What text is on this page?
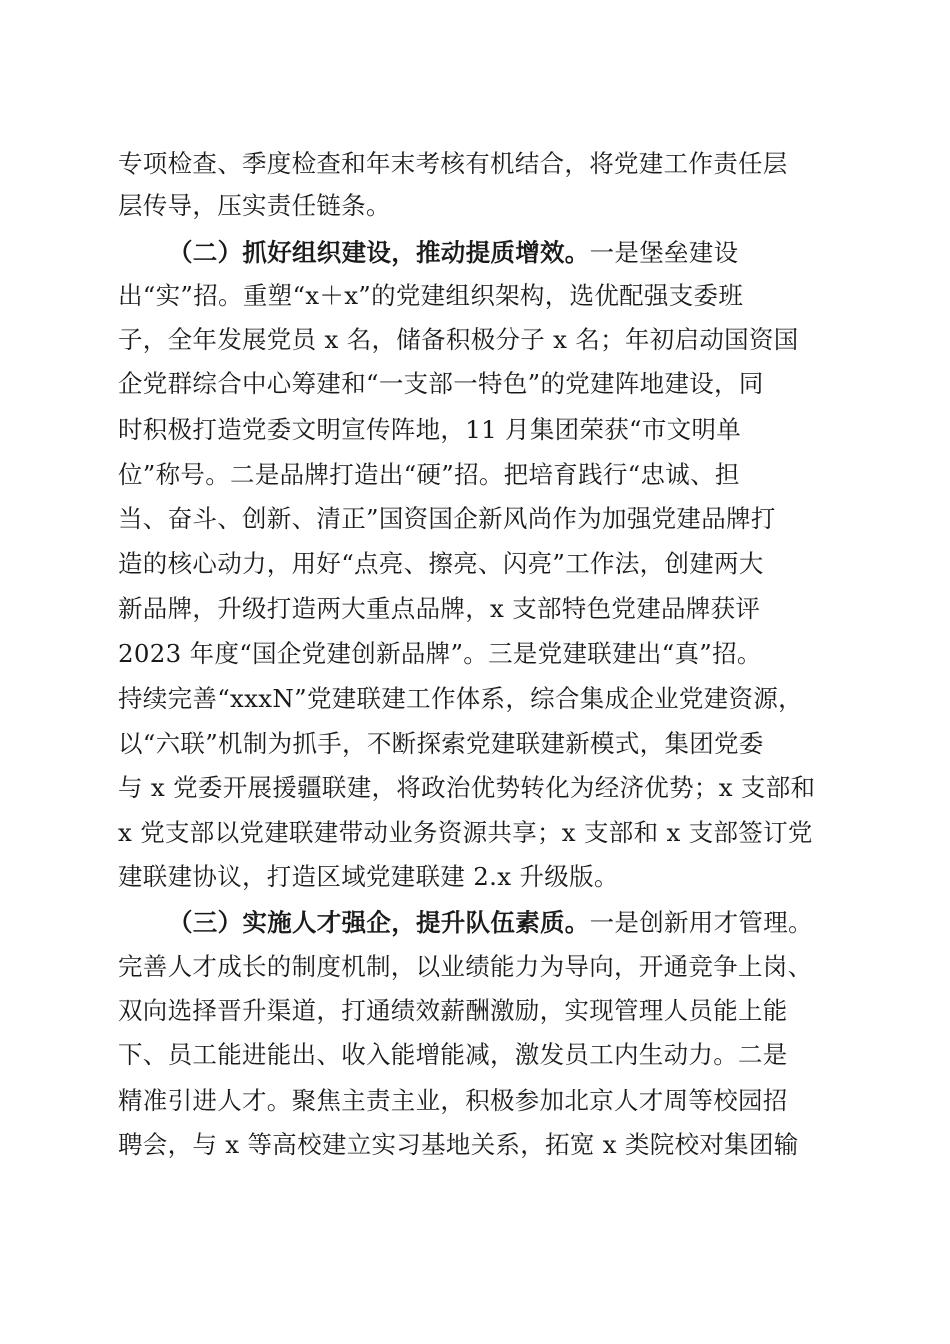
专项检查、季度检查和年末考核有机结合，将党建工作责任层
层传导，压实责任链条。
（二）抓好组织建设，推动提质增效。一是堡垒建设
出“实”招。重塑“x＋x”的党建组织架构，选优配强支委班
子，全年发展党员 x 名，储备积极分子 x 名；年初启动国资国
企党群综合中心筹建和“一支部一特色”的党建阵地建设，同
时积极打造党委文明宣传阵地，11 月集团荣获“市文明单
位”称号。二是品牌打造出“硬”招。把培育践行“忠诚、担
当、奋斗、创新、清正”国资国企新风尚作为加强党建品牌打
造的核心动力，用好“点亮、擦亮、闪亮”工作法，创建两大
新品牌，升级打造两大重点品牌，x 支部特色党建品牌获评
2023 年度“国企党建创新品牌”。三是党建联建出“真”招。
持续完善“xxxN”党建联建工作体系，综合集成企业党建资源，
以“六联”机制为抓手，不断探索党建联建新模式，集团党委
与 x 党委开展援疆联建，将政治优势转化为经济优势；x 支部和
x 党支部以党建联建带动业务资源共享；x 支部和 x 支部签订党
建联建协议，打造区域党建联建 2.x 升级版。
（三）实施人才强企，提升队伍素质。一是创新用才管理。
完善人才成长的制度机制，以业绩能力为导向，开通竞争上岗、
双向选择晋升渠道，打通绩效薪酬激励，实现管理人员能上能
下、员工能进能出、收入能增能减，激发员工内生动力。二是
精准引进人才。聚焦主责主业，积极参加北京人才周等校园招
聘会，与 x 等高校建立实习基地关系，拓宽 x 类院校对集团输
